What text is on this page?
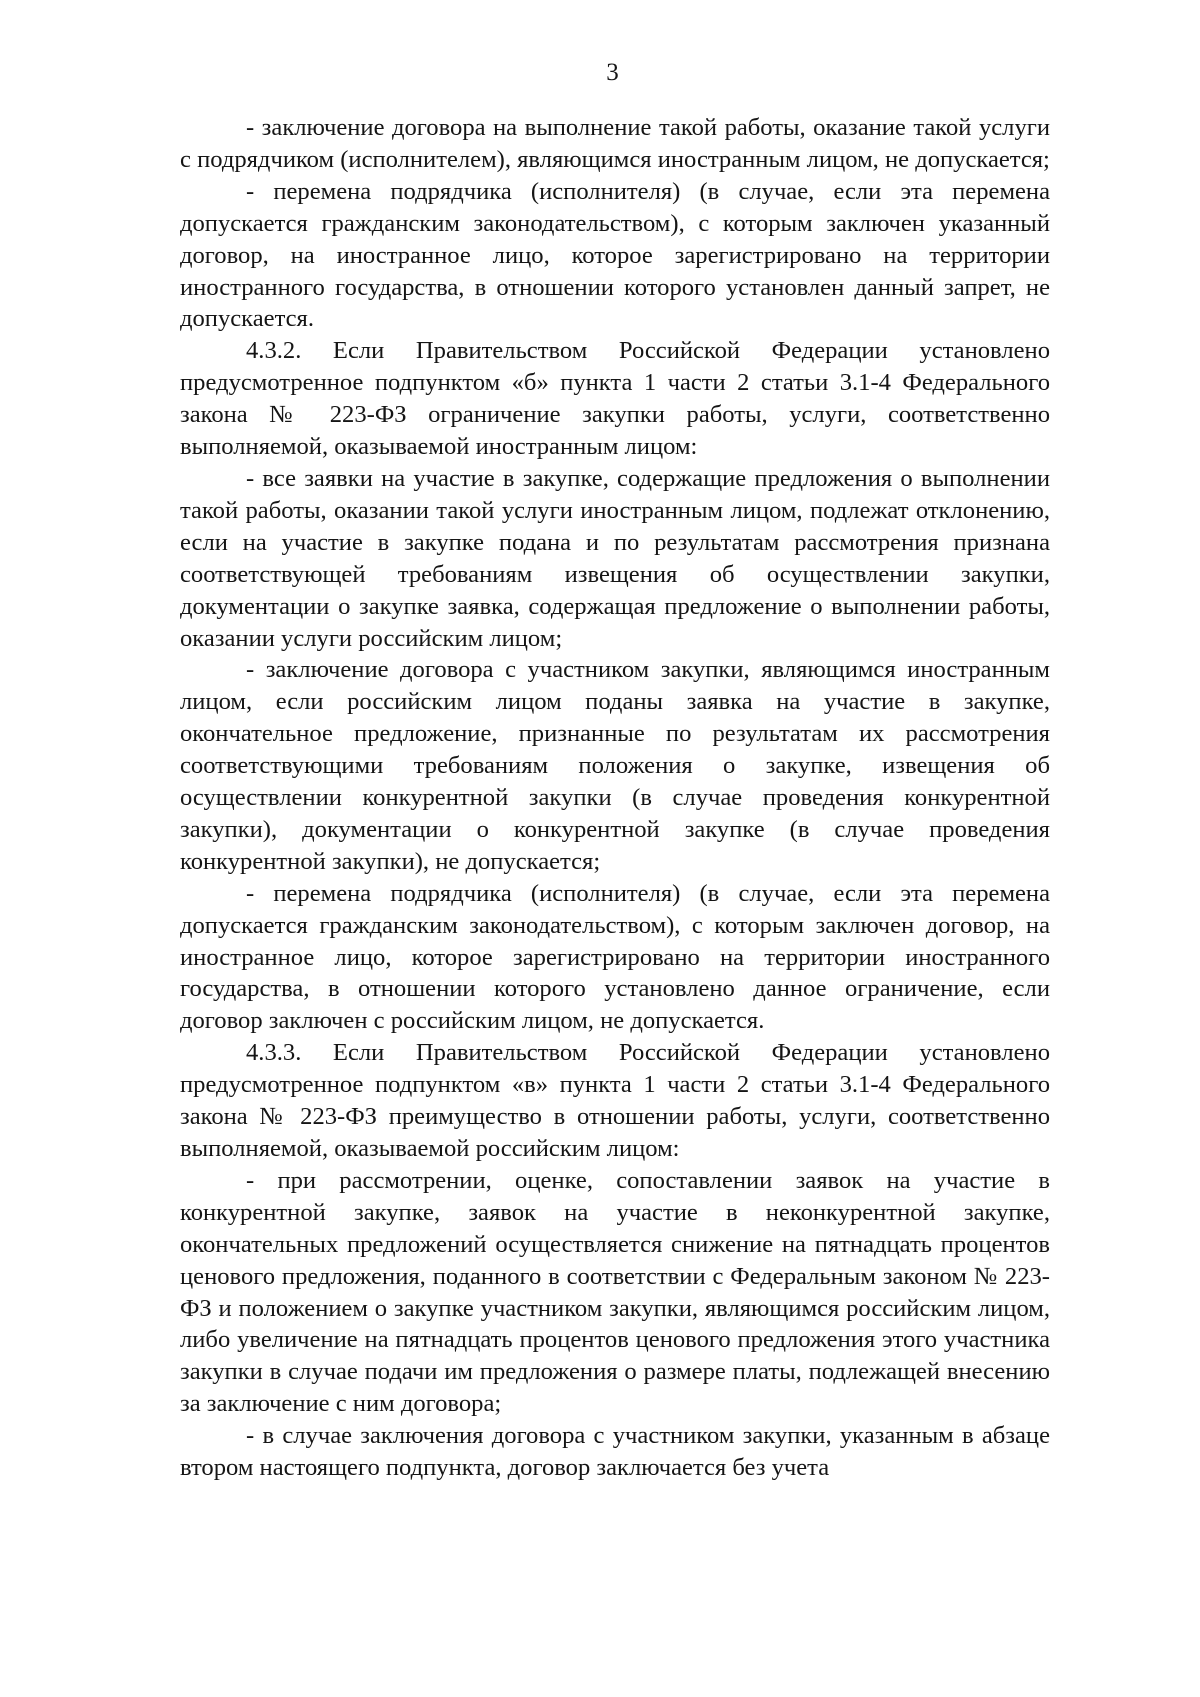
3

- заключение договора на выполнение такой работы, оказание такой услуги с подрядчиком (исполнителем), являющимся иностранным лицом, не допускается;

- перемена подрядчика (исполнителя) (в случае, если эта перемена допускается гражданским законодательством), с которым заключен указанный договор, на иностранное лицо, которое зарегистрировано на территории иностранного государства, в отношении которого установлен данный запрет, не допускается.

4.3.2. Если Правительством Российской Федерации установлено предусмотренное подпунктом «б» пункта 1 части 2 статьи 3.1-4 Федерального закона № 223-ФЗ ограничение закупки работы, услуги, соответственно выполняемой, оказываемой иностранным лицом:

- все заявки на участие в закупке, содержащие предложения о выполнении такой работы, оказании такой услуги иностранным лицом, подлежат отклонению, если на участие в закупке подана и по результатам рассмотрения признана соответствующей требованиям извещения об осуществлении закупки, документации о закупке заявка, содержащая предложение о выполнении работы, оказании услуги российским лицом;

- заключение договора с участником закупки, являющимся иностранным лицом, если российским лицом поданы заявка на участие в закупке, окончательное предложение, признанные по результатам их рассмотрения соответствующими требованиям положения о закупке, извещения об осуществлении конкурентной закупки (в случае проведения конкурентной закупки), документации о конкурентной закупке (в случае проведения конкурентной закупки), не допускается;

- перемена подрядчика (исполнителя) (в случае, если эта перемена допускается гражданским законодательством), с которым заключен договор, на иностранное лицо, которое зарегистрировано на территории иностранного государства, в отношении которого установлено данное ограничение, если договор заключен с российским лицом, не допускается.

4.3.3. Если Правительством Российской Федерации установлено предусмотренное подпунктом «в» пункта 1 части 2 статьи 3.1-4 Федерального закона № 223-ФЗ преимущество в отношении работы, услуги, соответственно выполняемой, оказываемой российским лицом:

- при рассмотрении, оценке, сопоставлении заявок на участие в конкурентной закупке, заявок на участие в неконкурентной закупке, окончательных предложений осуществляется снижение на пятнадцать процентов ценового предложения, поданного в соответствии с Федеральным законом № 223-ФЗ и положением о закупке участником закупки, являющимся российским лицом, либо увеличение на пятнадцать процентов ценового предложения этого участника закупки в случае подачи им предложения о размере платы, подлежащей внесению за заключение с ним договора;

- в случае заключения договора с участником закупки, указанным в абзаце втором настоящего подпункта, договор заключается без учета
